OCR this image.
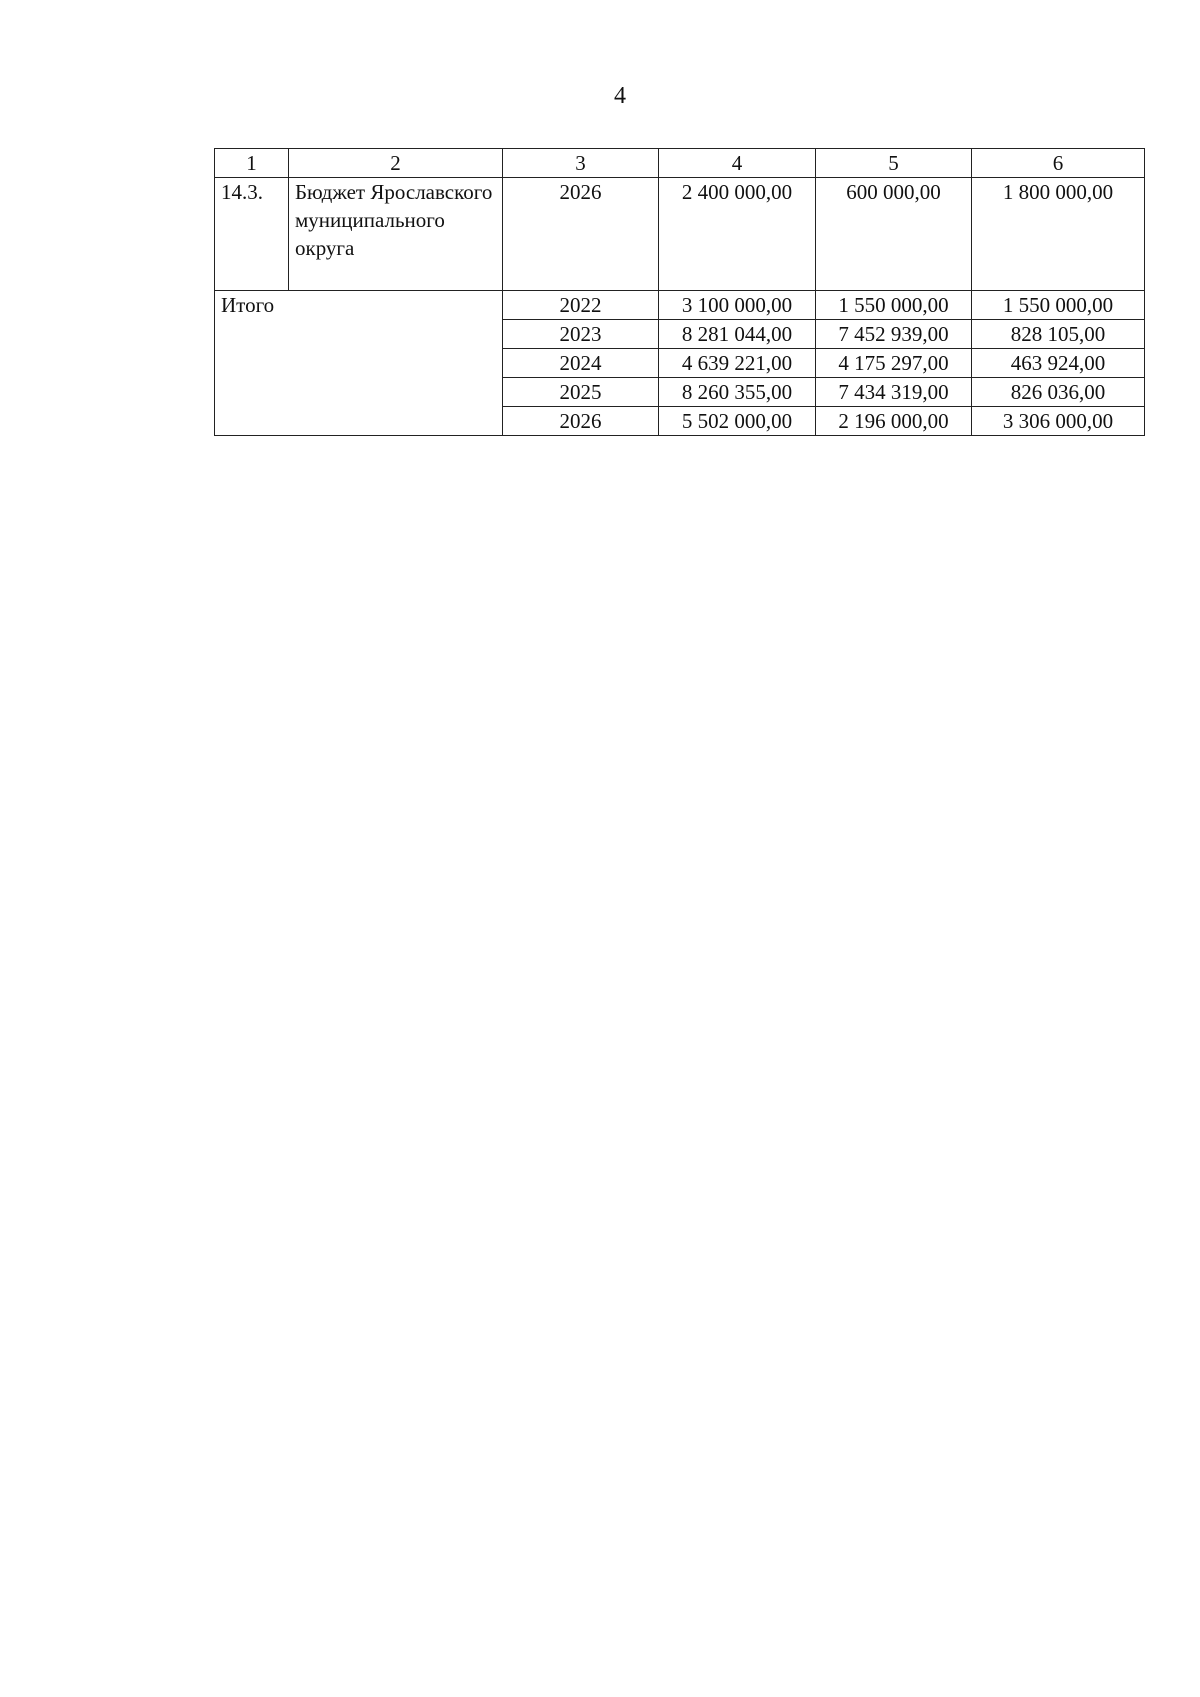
4
1	2	3	4	5	6
14.3.	Бюджет Ярославского муниципального округа	2026	2 400 000,00	600 000,00	1 800 000,00
Итого		2022	3 100 000,00	1 550 000,00	1 550 000,00
		2023	8 281 044,00	7 452 939,00	828 105,00
		2024	4 639 221,00	4 175 297,00	463 924,00
		2025	8 260 355,00	7 434 319,00	826 036,00
		2026	5 502 000,00	2 196 000,00	3 306 000,00
